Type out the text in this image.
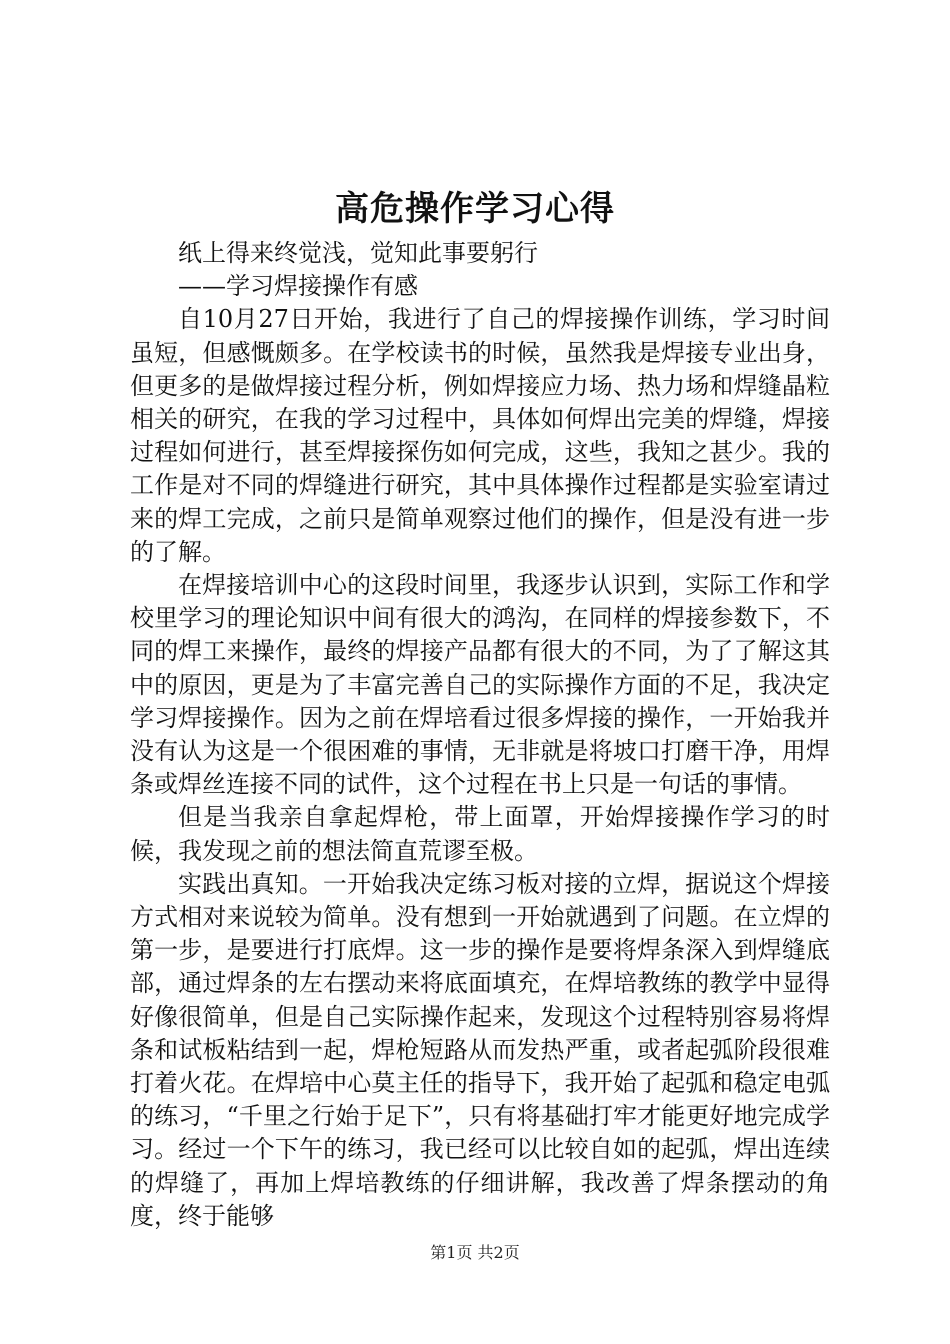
高危操作学习心得

纸上得来终觉浅，觉知此事要躬行

——学习焊接操作有感

自10月27日开始，我进行了自己的焊接操作训练，学习时间虽短，但感慨颇多。在学校读书的时候，虽然我是焊接专业出身，但更多的是做焊接过程分析，例如焊接应力场、热力场和焊缝晶粒相关的研究，在我的学习过程中，具体如何焊出完美的焊缝，焊接过程如何进行，甚至焊接探伤如何完成，这些，我知之甚少。我的工作是对不同的焊缝进行研究，其中具体操作过程都是实验室请过来的焊工完成，之前只是简单观察过他们的操作，但是没有进一步的了解。

在焊接培训中心的这段时间里，我逐步认识到，实际工作和学校里学习的理论知识中间有很大的鸿沟，在同样的焊接参数下，不同的焊工来操作，最终的焊接产品都有很大的不同，为了了解这其中的原因，更是为了丰富完善自己的实际操作方面的不足，我决定学习焊接操作。因为之前在焊培看过很多焊接的操作，一开始我并没有认为这是一个很困难的事情，无非就是将坡口打磨干净，用焊条或焊丝连接不同的试件，这个过程在书上只是一句话的事情。

但是当我亲自拿起焊枪，带上面罩，开始焊接操作学习的时候，我发现之前的想法简直荒谬至极。

实践出真知。一开始我决定练习板对接的立焊，据说这个焊接方式相对来说较为简单。没有想到一开始就遇到了问题。在立焊的第一步，是要进行打底焊。这一步的操作是要将焊条深入到焊缝底部，通过焊条的左右摆动来将底面填充，在焊培教练的教学中显得好像很简单，但是自己实际操作起来，发现这个过程特别容易将焊条和试板粘结到一起，焊枪短路从而发热严重，或者起弧阶段很难打着火花。在焊培中心莫主任的指导下，我开始了起弧和稳定电弧的练习，“千里之行始于足下”，只有将基础打牢才能更好地完成学习。经过一个下午的练习，我已经可以比较自如的起弧，焊出连续的焊缝了，再加上焊培教练的仔细讲解，我改善了焊条摆动的角度，终于能够

第1页 共2页
